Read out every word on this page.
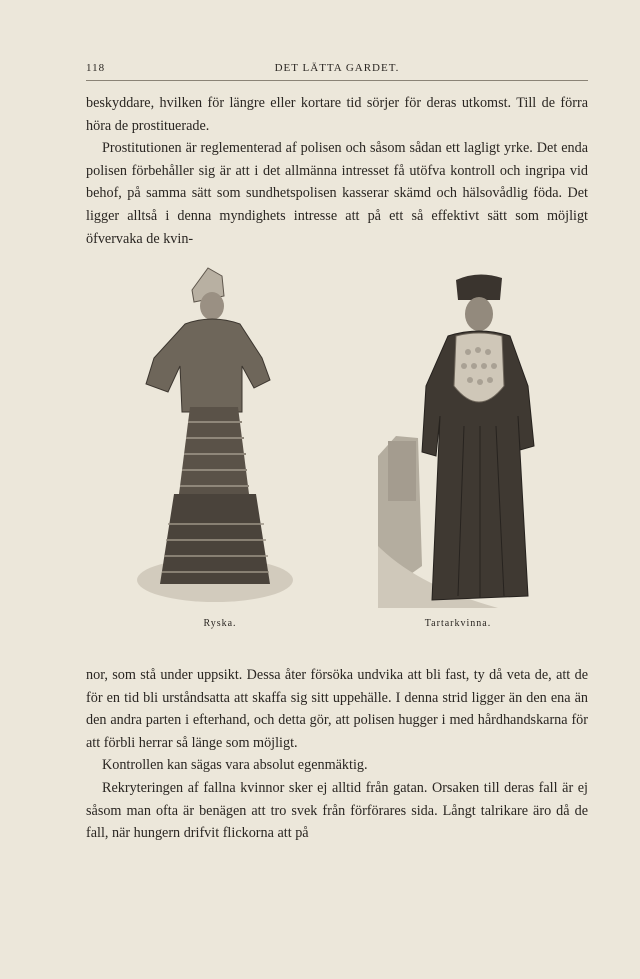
118	DET LÄTTA GARDET.

beskyddare, hvilken för längre eller kortare tid sörjer för deras utkomst. Till de förra höra de prostituerade.

Prostitutionen är reglementerad af polisen och såsom sådan ett lagligt yrke. Det enda polisen förbehåller sig är att i det allmänna intresset få utöfva kontroll och ingripa vid behof, på samma sätt som sundhetspolisen kasserar skämd och hälsovådlig föda. Det ligger alltså i denna myndighets intresse att på ett så effektivt sätt som möjligt öfvervaka de kvin-

Ryska.	Tartarkvinna.

nor, som stå under uppsikt. Dessa åter försöka undvika att bli fast, ty då veta de, att de för en tid bli urståndsatta att skaffa sig sitt uppehälle. I denna strid ligger än den ena än den andra parten i efterhand, och detta gör, att polisen hugger i med hårdhandskarna för att förbli herrar så länge som möjligt.

Kontrollen kan sägas vara absolut egenmäktig.

Rekryteringen af fallna kvinnor sker ej alltid från gatan. Orsaken till deras fall är ej såsom man ofta är benägen att tro svek från förförares sida. Långt talrikare äro då de fall, när hungern drifvit flickorna att på
